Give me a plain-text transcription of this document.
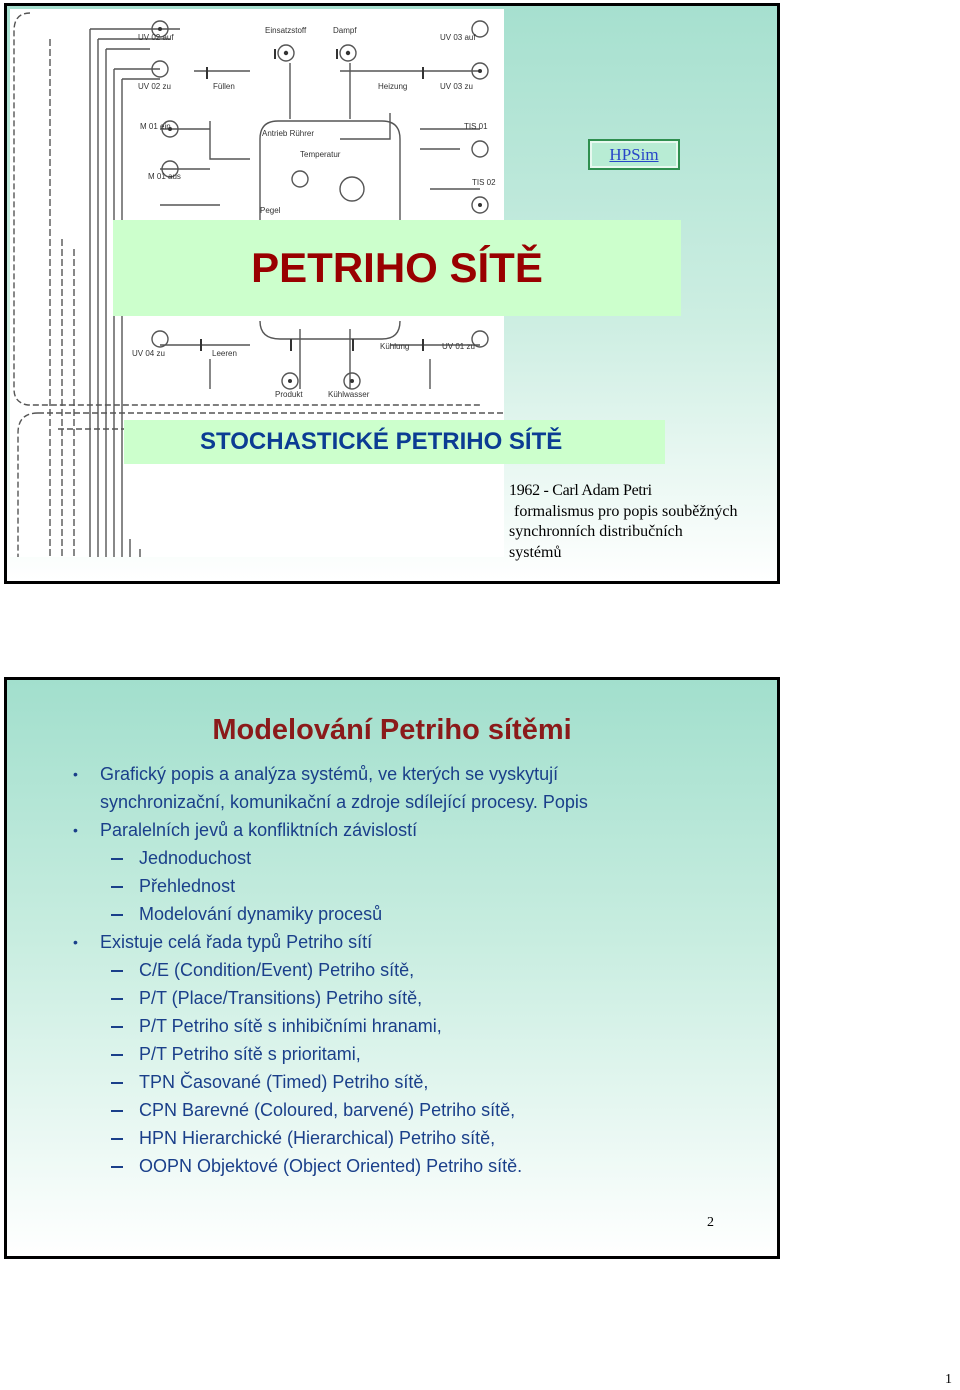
UV 02 auf
Einsatzstoff	Dampf
UV 03 auf
UV 02 zu	Füllen	Heizung	UV 03 zu
M 01 ein
Antrieb Rührer
TIS 01
Temperatur
M 01 aus
TIS 02
Pegel
UV 04 zu	Leeren
Kühlung	UV 01 zu
Produkt	Kühlwasser
HPSim
PETRIHO SÍTĚ
STOCHASTICKÉ PETRIHO SÍTĚ
1962 - Carl Adam Petri
formalismus pro popis souběžných
synchronních distribučních
systémů
Modelování Petriho sítěmi
• Grafický popis a analýza systémů, ve kterých se vyskytují
synchronizační, komunikační a zdroje sdílející procesy. Popis
• Paralelních jevů a konfliktních závislostí
Jednoduchost
Přehlednost
Modelování dynamiky procesů
• Existuje celá řada typů Petriho sítí
C/E (Condition/Event) Petriho sítě,
P/T (Place/Transitions) Petriho sítě,
P/T Petriho sítě s inhibičními hranami,
P/T Petriho sítě s prioritami,
TPN Časované (Timed) Petriho sítě,
CPN Barevné (Coloured, barvené) Petriho sítě,
HPN Hierarchické (Hierarchical) Petriho sítě,
OOPN Objektové (Object Oriented) Petriho sítě.
2
1
